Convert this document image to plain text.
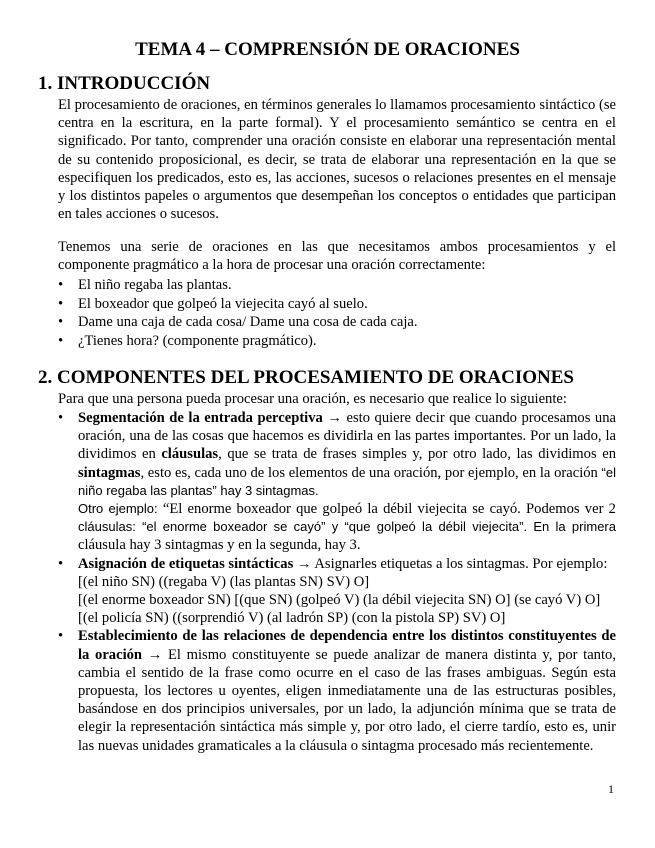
TEMA 4 – COMPRENSIÓN DE ORACIONES
1. INTRODUCCIÓN
El procesamiento de oraciones, en términos generales lo llamamos procesamiento sintáctico (se centra en la escritura, en la parte formal). Y el procesamiento semántico se centra en el significado. Por tanto, comprender una oración consiste en elaborar una representación mental de su contenido proposicional, es decir, se trata de elaborar una representación en la que se especifiquen los predicados, esto es, las acciones, sucesos o relaciones presentes en el mensaje y los distintos papeles o argumentos que desempeñan los conceptos o entidades que participan en tales acciones o sucesos.
Tenemos una serie de oraciones en las que necesitamos ambos procesamientos y el componente pragmático a la hora de procesar una oración correctamente:
• El niño regaba las plantas.
• El boxeador que golpeó la viejecita cayó al suelo.
• Dame una caja de cada cosa/ Dame una cosa de cada caja.
• ¿Tienes hora? (componente pragmático).
2. COMPONENTES DEL PROCESAMIENTO DE ORACIONES
Para que una persona pueda procesar una oración, es necesario que realice lo siguiente:
• Segmentación de la entrada perceptiva → esto quiere decir que cuando procesamos una oración, una de las cosas que hacemos es dividirla en las partes importantes. Por un lado, la dividimos en cláusulas, que se trata de frases simples y, por otro lado, las dividimos en sintagmas, esto es, cada uno de los elementos de una oración, por ejemplo, en la oración “el niño regaba las plantas” hay 3 sintagmas.
Otro ejemplo: “El enorme boxeador que golpeó la débil viejecita se cayó. Podemos ver 2 cláusulas: “el enorme boxeador se cayó” y “que golpeó la débil viejecita”. En la primera cláusula hay 3 sintagmas y en la segunda, hay 3.
• Asignación de etiquetas sintácticas → Asignarles etiquetas a los sintagmas. Por ejemplo:
[(el niño SN) ((regaba V) (las plantas SN) SV) O]
[(el enorme boxeador SN) [(que SN) (golpeó V) (la débil viejecita SN) O] (se cayó V) O]
[(el policía SN) ((sorprendió V) (al ladrón SP) (con la pistola SP) SV) O]
• Establecimiento de las relaciones de dependencia entre los distintos constituyentes de la oración → El mismo constituyente se puede analizar de manera distinta y, por tanto, cambia el sentido de la frase como ocurre en el caso de las frases ambiguas. Según esta propuesta, los lectores u oyentes, eligen inmediatamente una de las estructuras posibles, basándose en dos principios universales, por un lado, la adjunción mínima que se trata de elegir la representación sintáctica más simple y, por otro lado, el cierre tardío, esto es, unir las nuevas unidades gramaticales a la cláusula o sintagma procesado más recientemente.
1
